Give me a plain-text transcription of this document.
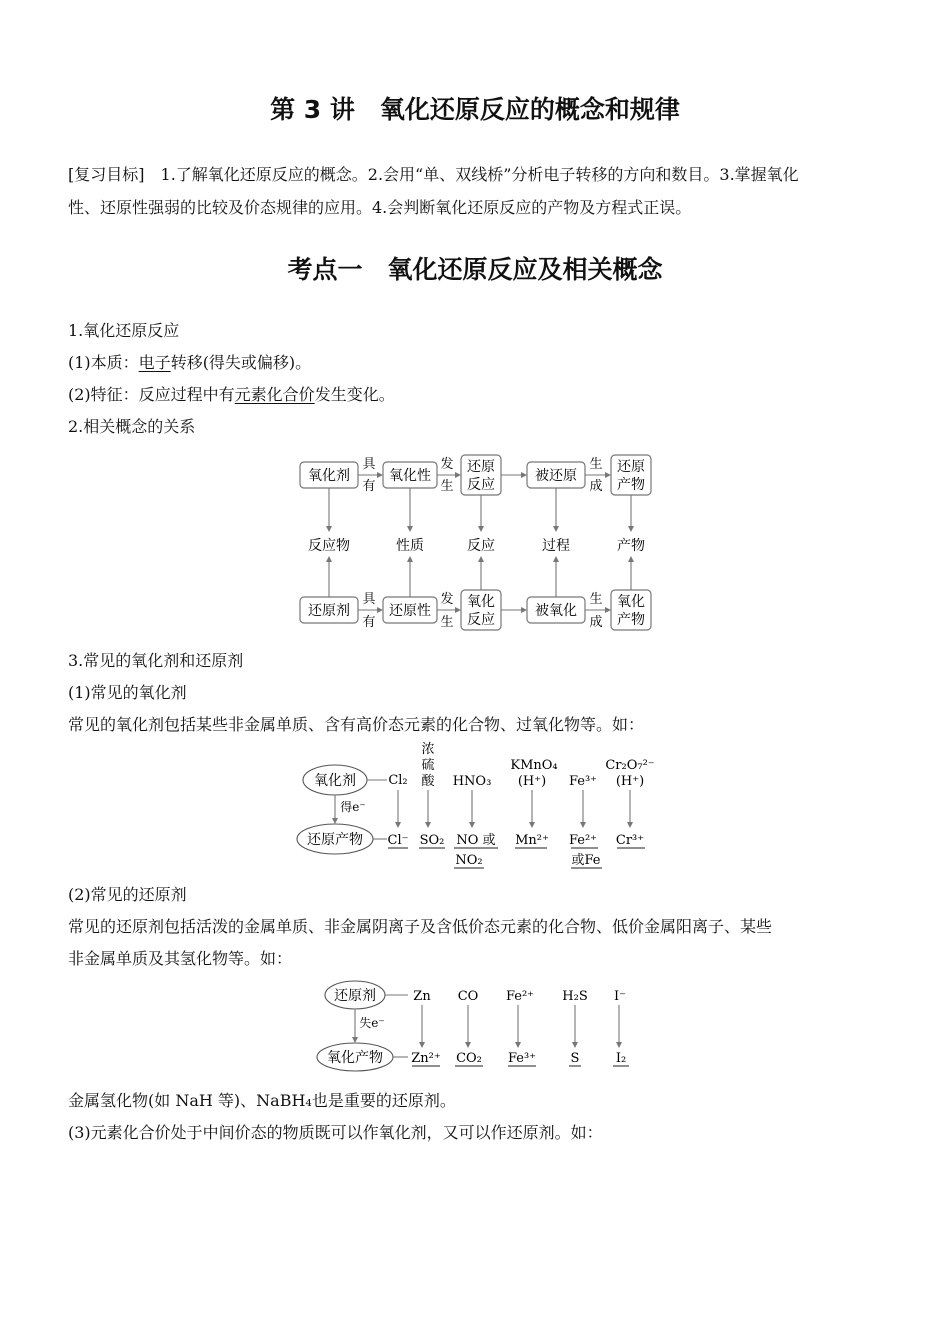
第 3 讲　氧化还原反应的概念和规律
[复习目标]　 1.了解氧化还原反应的概念。2.会用“单、双线桥”分析电子转移的方向和数目。3.掌握氧化
性、还原性强弱的比较及价态规律的应用。4.会判断氧化还原反应的产物及方程式正误。
考点一　氧化还原反应及相关概念
1.氧化还原反应
(1)本质：电子转移(得失或偏移)。
(2)特征：反应过程中有元素化合价发生变化。
2.相关概念的关系
氧化剂
具
有
氧化性
发
生
还原
反应
被还原
生
成
还原
产物
反应物	性质	反应	过程	产物
还原剂
具
有
还原性
发
生
氧化
反应
被氧化
生
成
氧化
产物
3.常见的氧化剂和还原剂
(1)常见的氧化剂
常见的氧化剂包括某些非金属单质、含有高价态元素的化合物、过氧化物等。如：
氧化剂
还原产物
得e⁻
Cl₂
Cl⁻
浓
硫
酸
SO₂
HNO₃
NO 或
NO₂
KMnO₄
(H⁺)
Mn²⁺
Fe³⁺
Fe²⁺
或Fe
Cr₂O₇²⁻
(H⁺)
Cr³⁺
(2)常见的还原剂
常见的还原剂包括活泼的金属单质、非金属阴离子及含低价态元素的化合物、低价金属阳离子、某些
非金属单质及其氢化物等。如：
还原剂
氧化产物
失e⁻
Zn
Zn²⁺
CO
CO₂
Fe²⁺
Fe³⁺
H₂S
S
I⁻
I₂
金属氢化物(如 NaH 等)、NaBH₄也是重要的还原剂。
(3)元素化合价处于中间价态的物质既可以作氧化剂，又可以作还原剂。如：
